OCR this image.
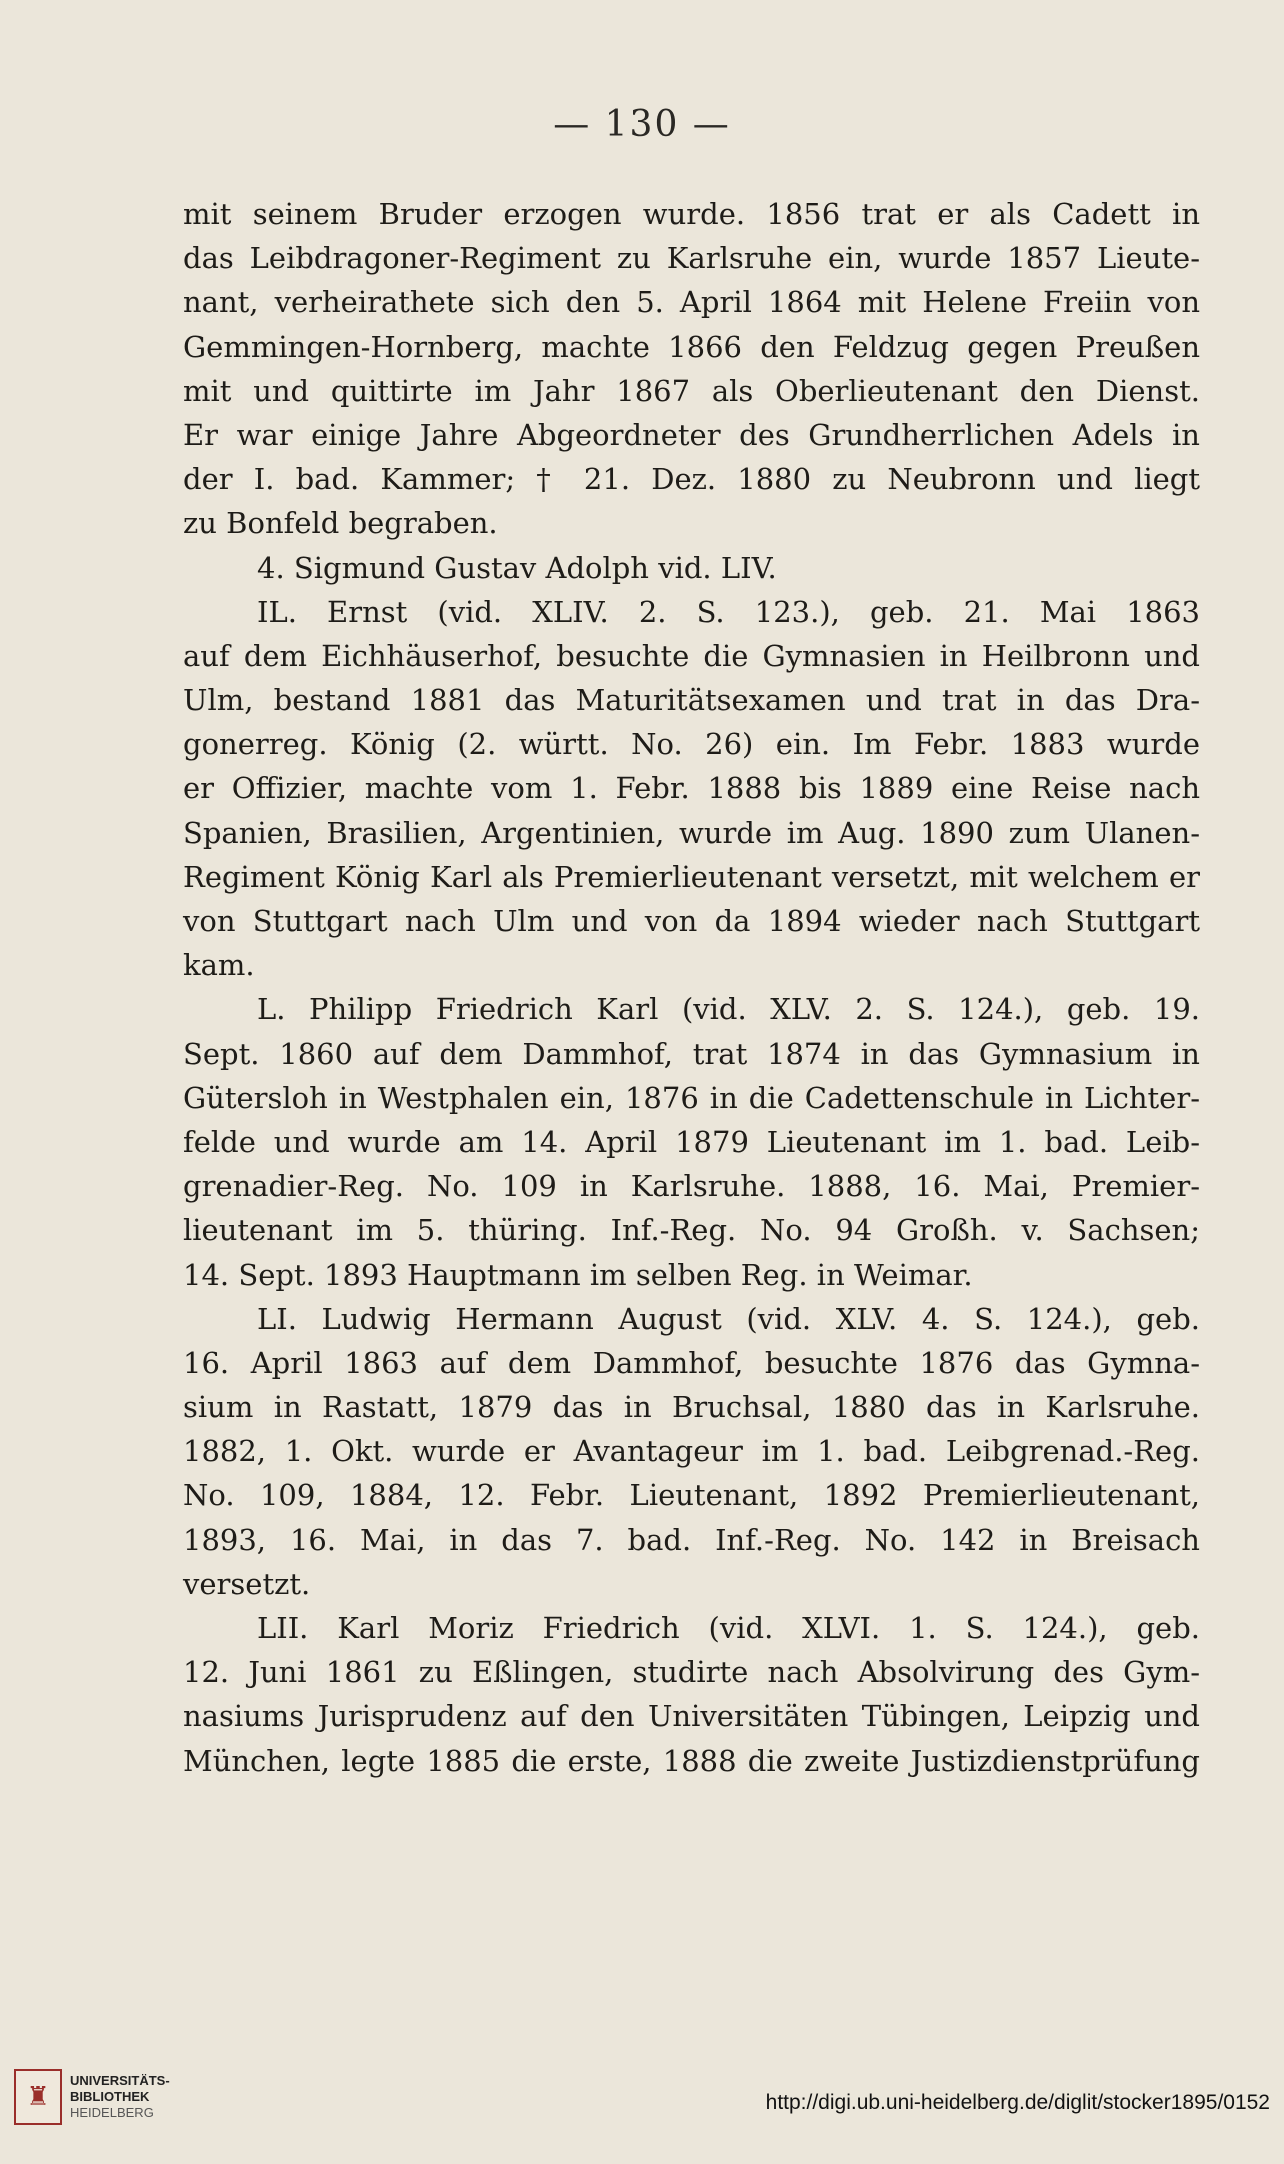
— 130 —
mit seinem Bruder erzogen wurde. 1856 trat er als Cadett in
das Leibdragoner-Regiment zu Karlsruhe ein, wurde 1857 Lieute-
nant, verheirathete sich den 5. April 1864 mit Helene Freiin von
Gemmingen-Hornberg, machte 1866 den Feldzug gegen Preußen
mit und quittirte im Jahr 1867 als Oberlieutenant den Dienst.
Er war einige Jahre Abgeordneter des Grundherrlichen Adels in
der I. bad. Kammer; † 21. Dez. 1880 zu Neubronn und liegt
zu Bonfeld begraben.
4. Sigmund Gustav Adolph vid. LIV.
IL. Ernst (vid. XLIV. 2. S. 123.), geb. 21. Mai 1863
auf dem Eichhäuserhof, besuchte die Gymnasien in Heilbronn und
Ulm, bestand 1881 das Maturitätsexamen und trat in das Dra-
gonerreg. König (2. württ. No. 26) ein. Im Febr. 1883 wurde
er Offizier, machte vom 1. Febr. 1888 bis 1889 eine Reise nach
Spanien, Brasilien, Argentinien, wurde im Aug. 1890 zum Ulanen-
Regiment König Karl als Premierlieutenant versetzt, mit welchem er
von Stuttgart nach Ulm und von da 1894 wieder nach Stuttgart
kam.
L. Philipp Friedrich Karl (vid. XLV. 2. S. 124.), geb. 19.
Sept. 1860 auf dem Dammhof, trat 1874 in das Gymnasium in
Gütersloh in Westphalen ein, 1876 in die Cadettenschule in Lichter-
felde und wurde am 14. April 1879 Lieutenant im 1. bad. Leib-
grenadier-Reg. No. 109 in Karlsruhe. 1888, 16. Mai, Premier-
lieutenant im 5. thüring. Inf.-Reg. No. 94 Großh. v. Sachsen;
14. Sept. 1893 Hauptmann im selben Reg. in Weimar.
LI. Ludwig Hermann August (vid. XLV. 4. S. 124.), geb.
16. April 1863 auf dem Dammhof, besuchte 1876 das Gymna-
sium in Rastatt, 1879 das in Bruchsal, 1880 das in Karlsruhe.
1882, 1. Okt. wurde er Avantageur im 1. bad. Leibgrenad.-Reg.
No. 109, 1884, 12. Febr. Lieutenant, 1892 Premierlieutenant,
1893, 16. Mai, in das 7. bad. Inf.-Reg. No. 142 in Breisach
versetzt.
LII. Karl Moriz Friedrich (vid. XLVI. 1. S. 124.), geb.
12. Juni 1861 zu Eßlingen, studirte nach Absolvirung des Gym-
nasiums Jurisprudenz auf den Universitäten Tübingen, Leipzig und
München, legte 1885 die erste, 1888 die zweite Justizdienstprüfung
♜
UNIVERSITÄTS-
BIBLIOTHEK
HEIDELBERG	http://digi.ub.uni-heidelberg.de/diglit/stocker1895/0152
